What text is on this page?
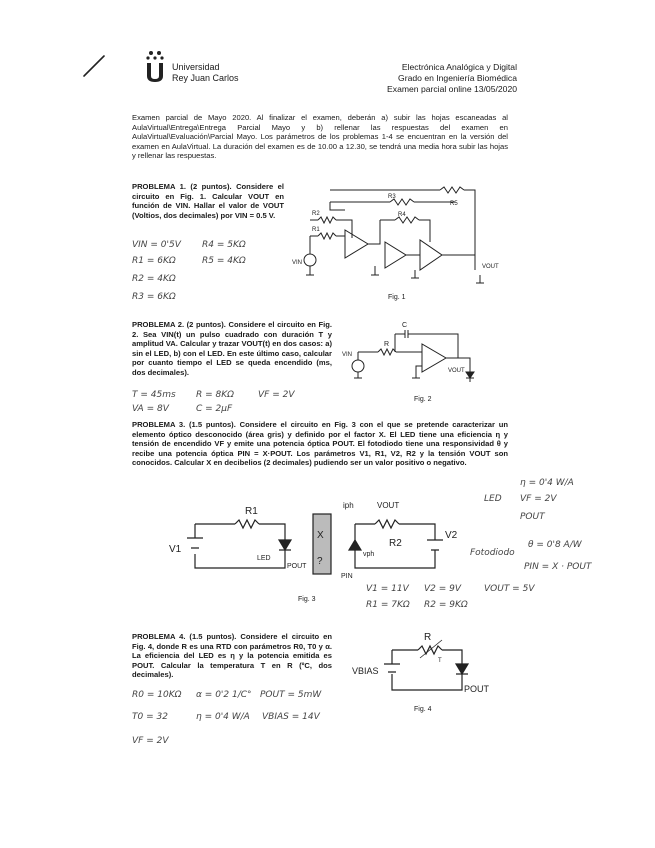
Universidad
Rey Juan Carlos
Electrónica Analógica y Digital
Grado en Ingeniería Biomédica
Examen parcial online 13/05/2020
Examen parcial de Mayo 2020. Al finalizar el examen, deberán a) subir las hojas escaneadas al AulaVirtual\Entrega\Entrega Parcial Mayo y b) rellenar las respuestas del examen en AulaVirtual\Evaluación\Parcial Mayo. Los parámetros de los problemas 1-4 se encuentran en la versión del examen en AulaVirtual. La duración del examen es de 10.00 a 12.30, se tendrá una media hora subir las hojas y rellenar las respuestas.
PROBLEMA 1. (2 puntos). Considere el circuito en Fig. 1. Calcular VOUT en función de VIN. Hallar el valor de VOUT (Voltios, dos decimales) por VIN = 0.5 V.
VIN = 0'5V R4 = 5KΩ
R1 = 6KΩ	R5 = 4KΩ
R2 = 4KΩ
R3 = 6KΩ
R1
R2
R3
R4
R5
VIN
VOUT
Fig. 1
PROBLEMA 2. (2 puntos). Considere el circuito en Fig. 2. Sea VIN(t) un pulso cuadrado con duración T y amplitud VA. Calcular y trazar VOUT(t) en dos casos: a) sin el LED, b) con el LED. En este último caso, calcular por cuanto tiempo el LED se queda encendido (ms, dos decimales).
T = 45ms R = 8KΩ	VF = 2V
VA = 8V	C = 2μF
C
R
VIN
VOUT
Fig. 2
PROBLEMA 3. (1.5 puntos). Considere el circuito en Fig. 3 con el que se pretende caracterizar un elemento óptico desconocido (área gris) y definido por el factor X. El LED tiene una eficiencia η y tensión de encendido VF y emite una potencia óptica POUT. El fotodiodo tiene una responsividad θ y recibe una potencia óptica PIN = X·POUT. Los parámetros V1, R1, V2, R2 y la tensión VOUT son conocidos. Calcular X en decibelios (2 decimales) pudiendo ser un valor positivo o negativo.
R1
V1
LED
POUT
X
?
iph	VOUT
R2
V2
vph
PIN
Fig. 3
η = 0'4 W/A
VF = 2V
POUT
LED
Fotodiodo
θ = 0'8 A/W
PIN = X · POUT
V1 = 11V V2 = 9V	VOUT = 5V
R1 = 7KΩ R2 = 9KΩ
PROBLEMA 4. (1.5 puntos). Considere el circuito en Fig. 4, donde R es una RTD con parámetros R0, T0 y α. La eficiencia del LED es η y la potencia emitida es POUT. Calcular la temperatura T en R (ºC, dos decimales).
R0 = 10KΩ α = 0'2 1/C° POUT = 5mW
T0 = 32	η = 0'4 W/A VBIAS = 14V
VF = 2V
R
T
VBIAS
POUT
Fig. 4
